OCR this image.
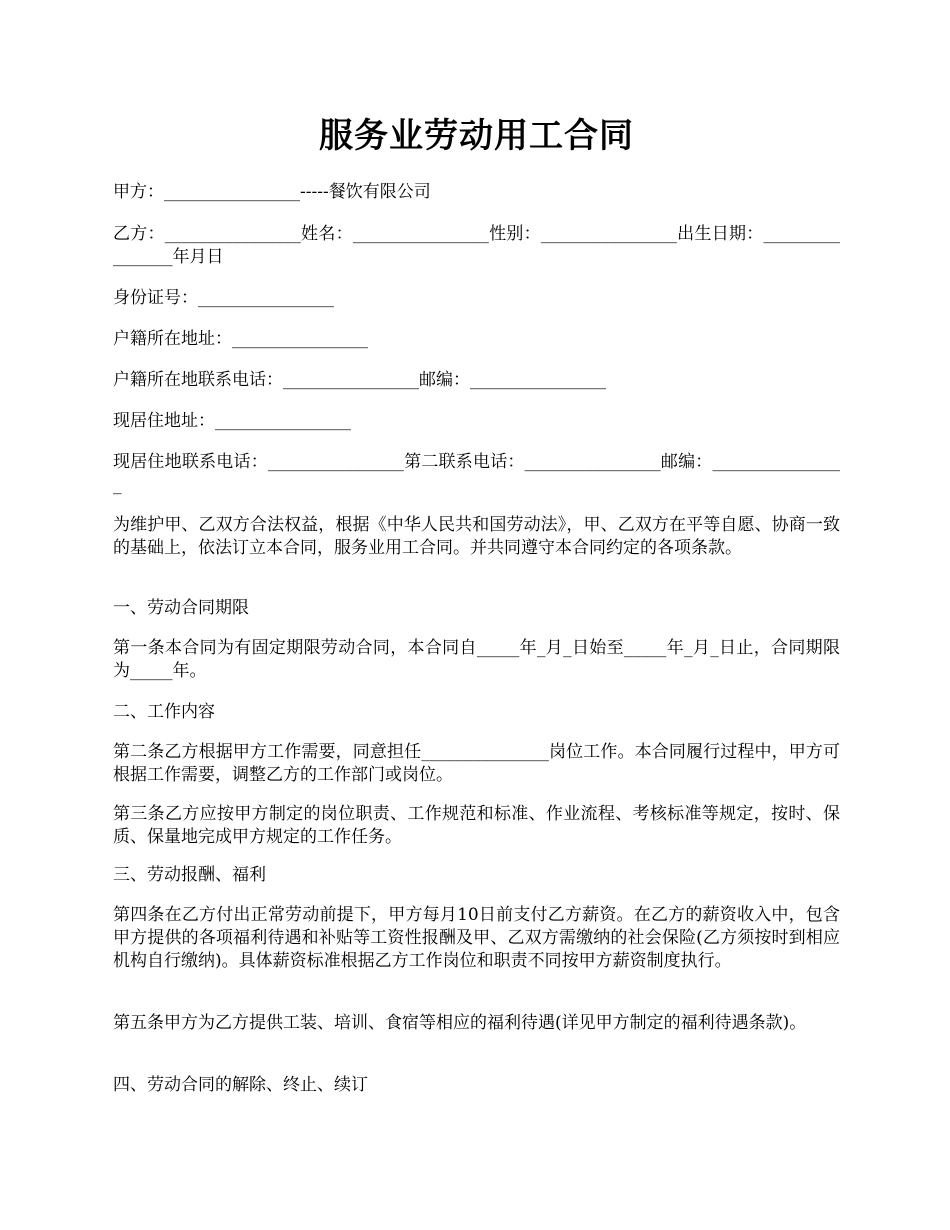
服务业劳动用工合同

甲方：________________-----餐饮有限公司

乙方：________________姓名：________________性别：________________出生日期：________________年月日

身份证号：________________

户籍所在地址：________________

户籍所在地联系电话：________________邮编：________________

现居住地址：________________

现居住地联系电话：________________第二联系电话：________________邮编：________________

为维护甲、乙双方合法权益，根据《中华人民共和国劳动法》，甲、乙双方在平等自愿、协商一致的基础上，依法订立本合同，服务业用工合同。并共同遵守本合同约定的各项条款。

一、劳动合同期限

第一条本合同为有固定期限劳动合同，本合同自_____年_月_日始至_____年_月_日止，合同期限为_____年。

二、工作内容

第二条乙方根据甲方工作需要，同意担任_______________岗位工作。本合同履行过程中，甲方可根据工作需要，调整乙方的工作部门或岗位。

第三条乙方应按甲方制定的岗位职责、工作规范和标准、作业流程、考核标准等规定，按时、保质、保量地完成甲方规定的工作任务。

三、劳动报酬、福利

第四条在乙方付出正常劳动前提下，甲方每月10日前支付乙方薪资。在乙方的薪资收入中，包含甲方提供的各项福利待遇和补贴等工资性报酬及甲、乙双方需缴纳的社会保险(乙方须按时到相应机构自行缴纳)。具体薪资标准根据乙方工作岗位和职责不同按甲方薪资制度执行。

第五条甲方为乙方提供工装、培训、食宿等相应的福利待遇(详见甲方制定的福利待遇条款)。

四、劳动合同的解除、终止、续订
